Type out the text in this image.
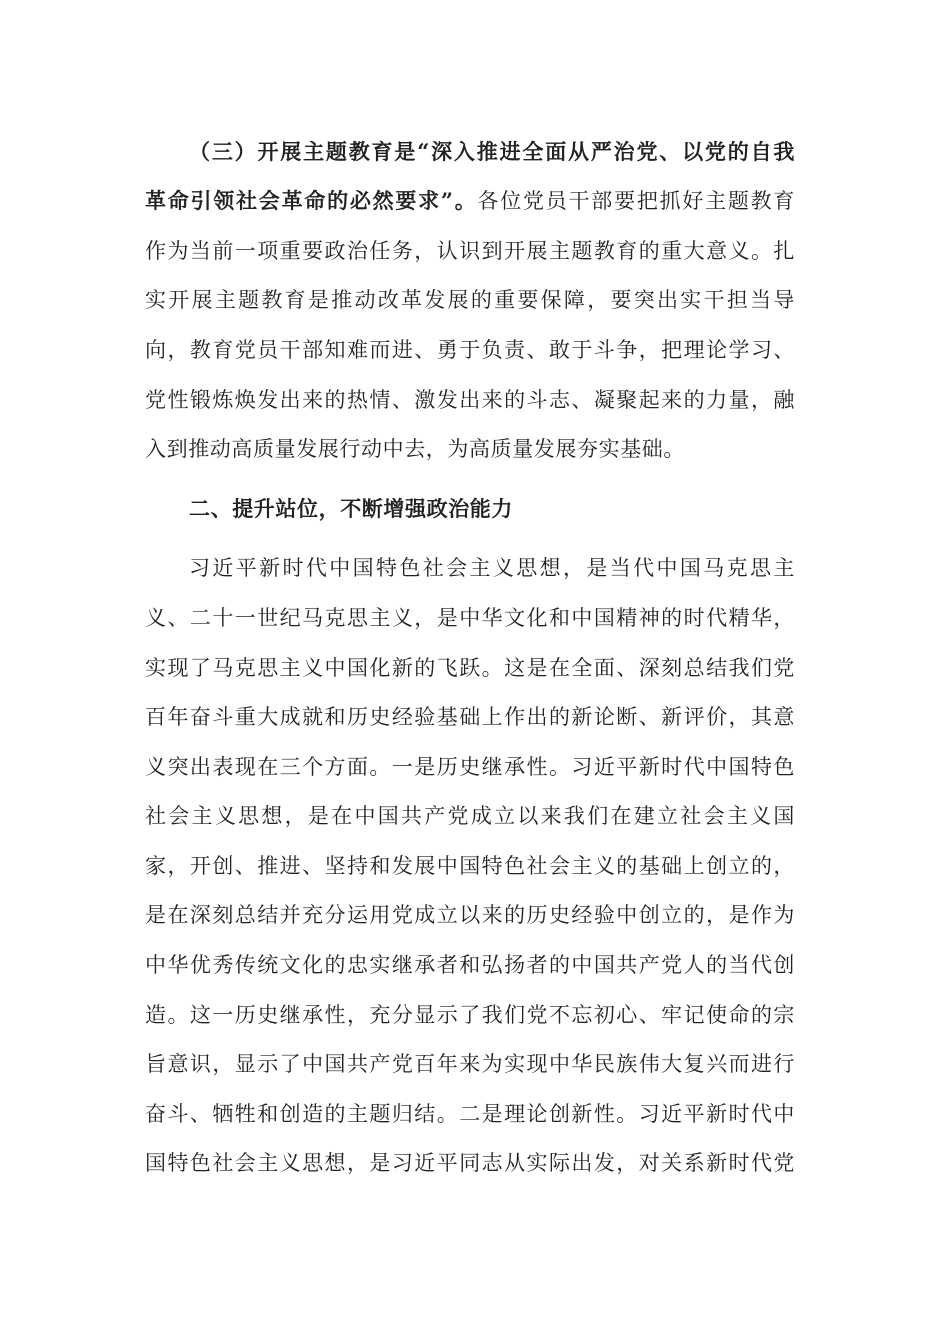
（三）开展主题教育是“深入推进全面从严治党、以党的自我
革命引领社会革命的必然要求”。各位党员干部要把抓好主题教育
作为当前一项重要政治任务，认识到开展主题教育的重大意义。扎
实开展主题教育是推动改革发展的重要保障，要突出实干担当导
向，教育党员干部知难而进、勇于负责、敢于斗争，把理论学习、
党性锻炼焕发出来的热情、激发出来的斗志、凝聚起来的力量，融
入到推动高质量发展行动中去，为高质量发展夯实基础。
二、提升站位，不断增强政治能力
习近平新时代中国特色社会主义思想，是当代中国马克思主
义、二十一世纪马克思主义，是中华文化和中国精神的时代精华，
实现了马克思主义中国化新的飞跃。这是在全面、深刻总结我们党
百年奋斗重大成就和历史经验基础上作出的新论断、新评价，其意
义突出表现在三个方面。一是历史继承性。习近平新时代中国特色
社会主义思想，是在中国共产党成立以来我们在建立社会主义国
家，开创、推进、坚持和发展中国特色社会主义的基础上创立的，
是在深刻总结并充分运用党成立以来的历史经验中创立的，是作为
中华优秀传统文化的忠实继承者和弘扬者的中国共产党人的当代创
造。这一历史继承性，充分显示了我们党不忘初心、牢记使命的宗
旨意识，显示了中国共产党百年来为实现中华民族伟大复兴而进行
奋斗、牺牲和创造的主题归结。二是理论创新性。习近平新时代中
国特色社会主义思想，是习近平同志从实际出发，对关系新时代党
